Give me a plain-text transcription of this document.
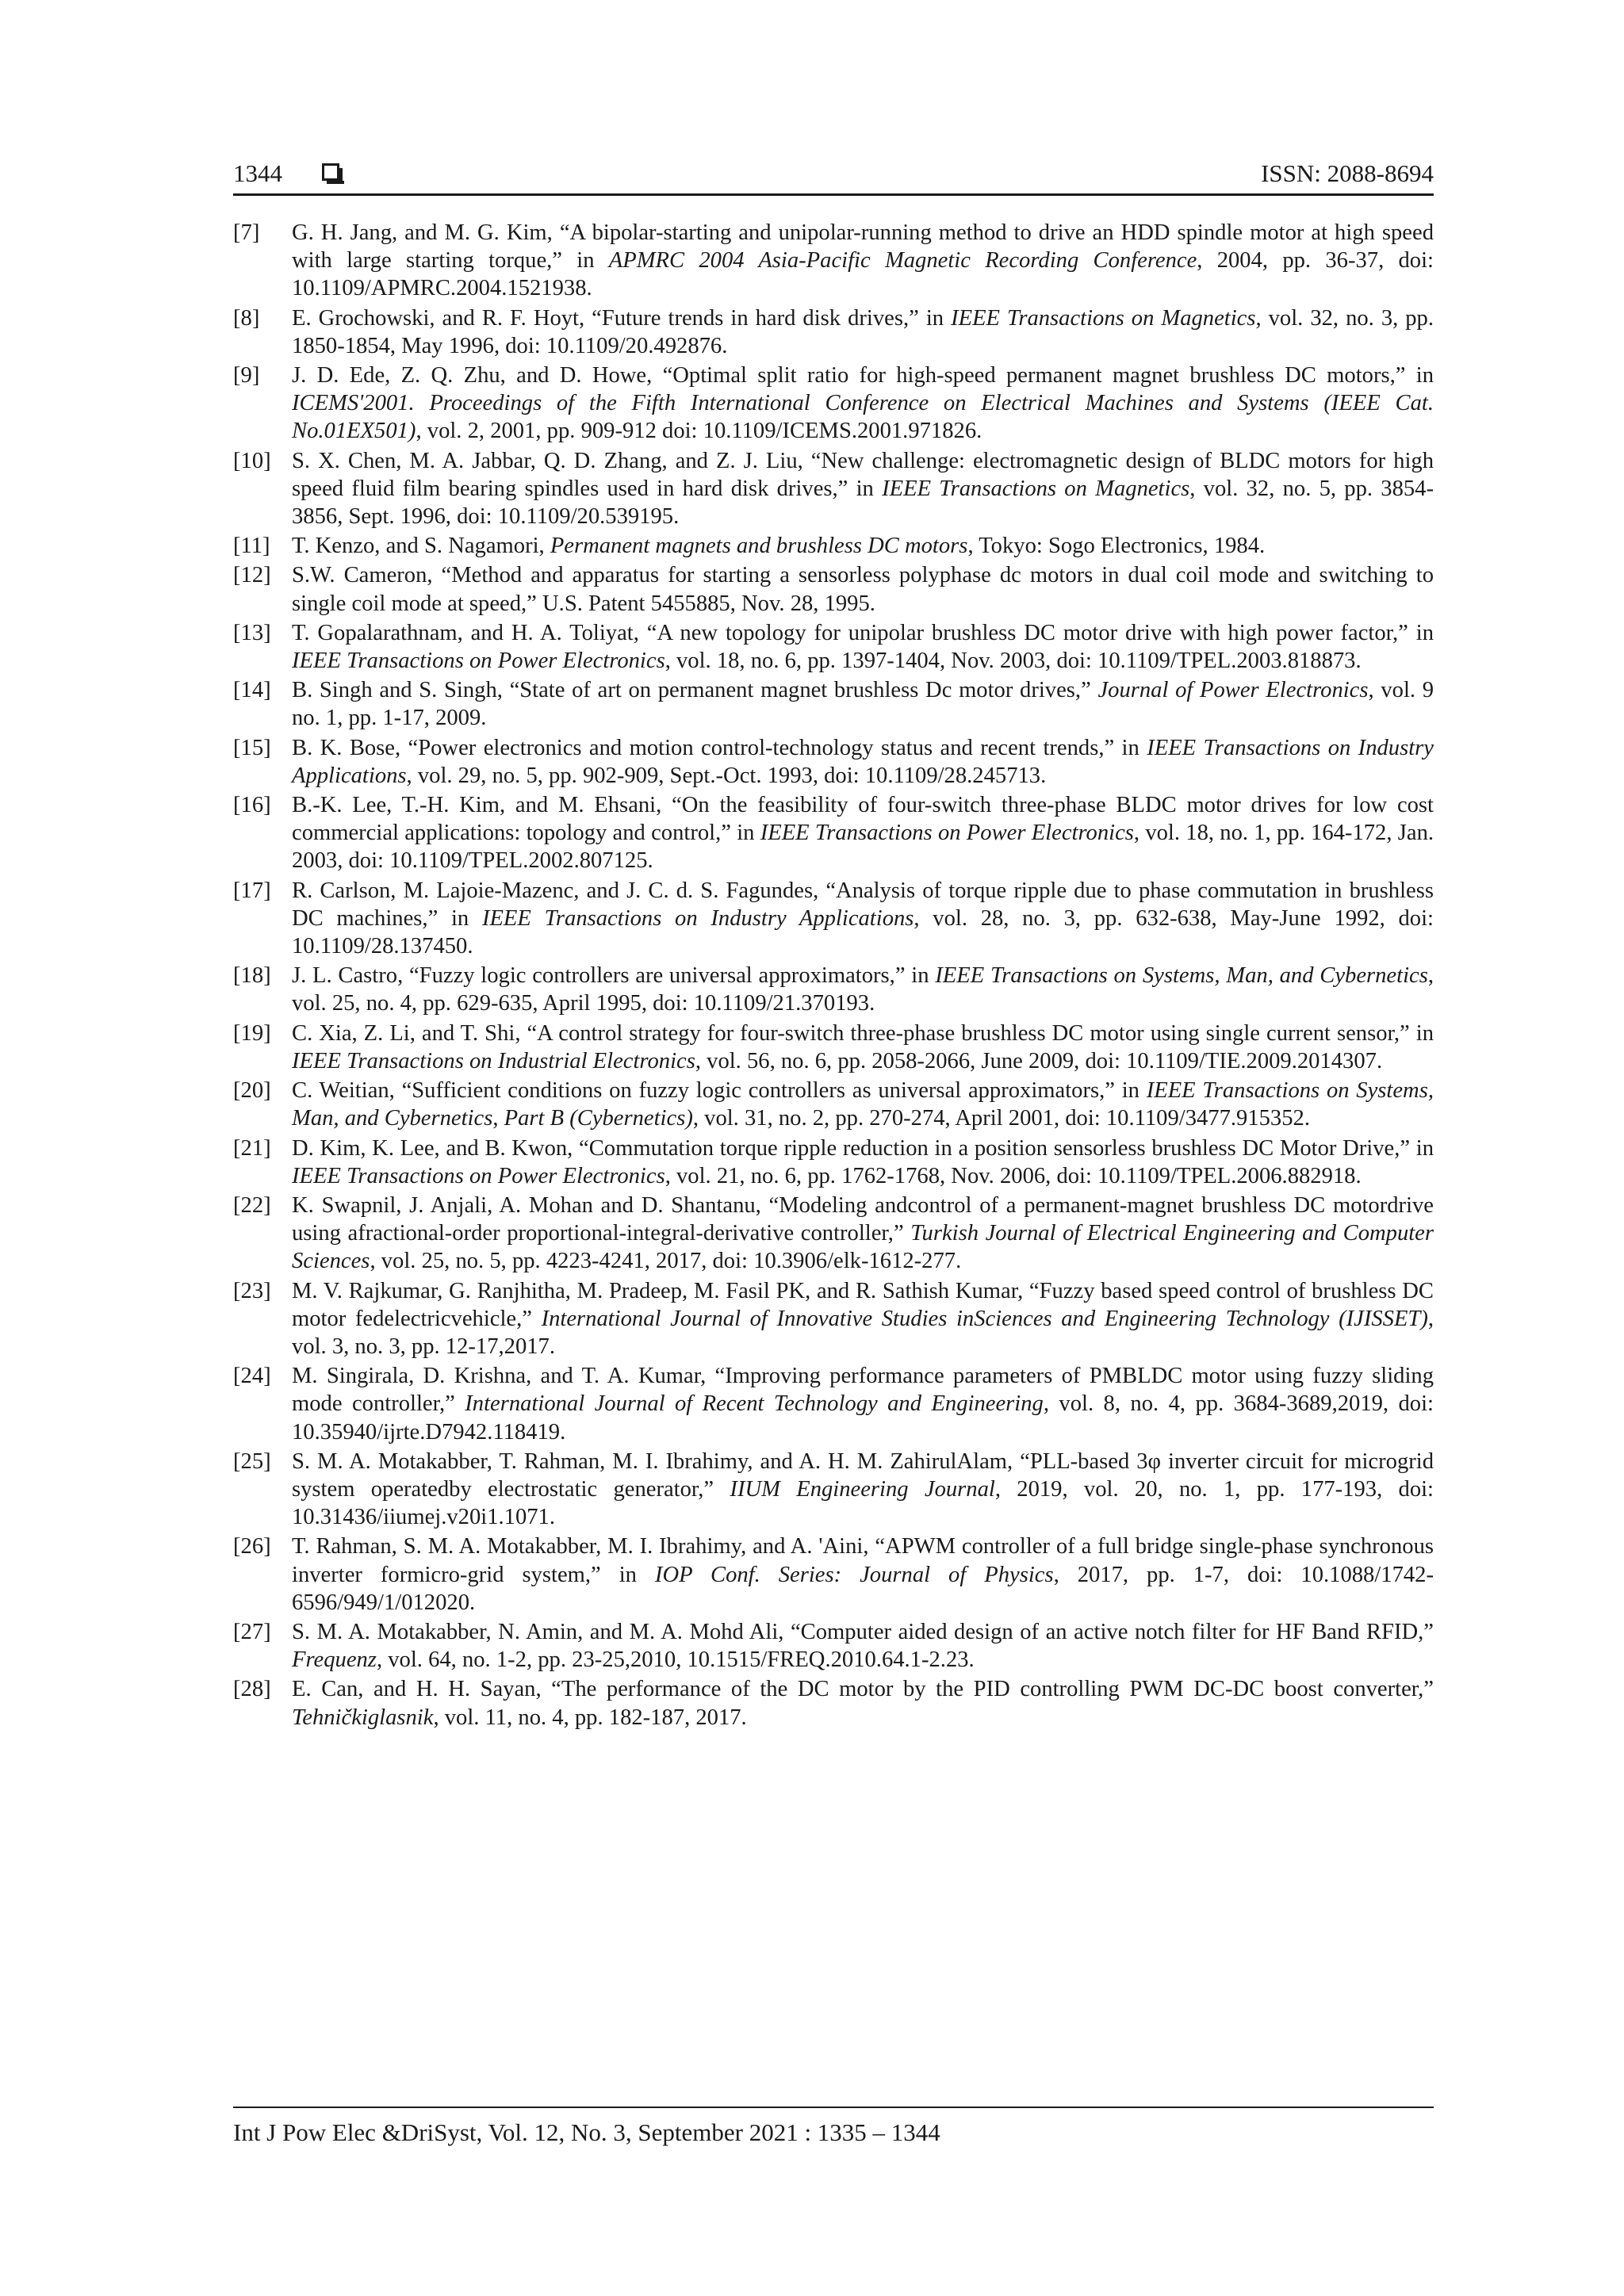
1344	ISSN: 2088-8694
[7] G. H. Jang, and M. G. Kim, “A bipolar-starting and unipolar-running method to drive an HDD spindle motor at high speed with large starting torque,” in APMRC 2004 Asia-Pacific Magnetic Recording Conference, 2004, pp. 36-37, doi: 10.1109/APMRC.2004.1521938.
[8] E. Grochowski, and R. F. Hoyt, “Future trends in hard disk drives,” in IEEE Transactions on Magnetics, vol. 32, no. 3, pp. 1850-1854, May 1996, doi: 10.1109/20.492876.
[9] J. D. Ede, Z. Q. Zhu, and D. Howe, “Optimal split ratio for high-speed permanent magnet brushless DC motors,” in ICEMS'2001. Proceedings of the Fifth International Conference on Electrical Machines and Systems (IEEE Cat. No.01EX501), vol. 2, 2001, pp. 909-912 doi: 10.1109/ICEMS.2001.971826.
[10] S. X. Chen, M. A. Jabbar, Q. D. Zhang, and Z. J. Liu, “New challenge: electromagnetic design of BLDC motors for high speed fluid film bearing spindles used in hard disk drives,” in IEEE Transactions on Magnetics, vol. 32, no. 5, pp. 3854-3856, Sept. 1996, doi: 10.1109/20.539195.
[11] T. Kenzo, and S. Nagamori, Permanent magnets and brushless DC motors, Tokyo: Sogo Electronics, 1984.
[12] S.W. Cameron, “Method and apparatus for starting a sensorless polyphase dc motors in dual coil mode and switching to single coil mode at speed,” U.S. Patent 5455885, Nov. 28, 1995.
[13] T. Gopalarathnam, and H. A. Toliyat, “A new topology for unipolar brushless DC motor drive with high power factor,” in IEEE Transactions on Power Electronics, vol. 18, no. 6, pp. 1397-1404, Nov. 2003, doi: 10.1109/TPEL.2003.818873.
[14] B. Singh and S. Singh, “State of art on permanent magnet brushless Dc motor drives,” Journal of Power Electronics, vol. 9 no. 1, pp. 1-17, 2009.
[15] B. K. Bose, “Power electronics and motion control-technology status and recent trends,” in IEEE Transactions on Industry Applications, vol. 29, no. 5, pp. 902-909, Sept.-Oct. 1993, doi: 10.1109/28.245713.
[16] B.-K. Lee, T.-H. Kim, and M. Ehsani, “On the feasibility of four-switch three-phase BLDC motor drives for low cost commercial applications: topology and control,” in IEEE Transactions on Power Electronics, vol. 18, no. 1, pp. 164-172, Jan. 2003, doi: 10.1109/TPEL.2002.807125.
[17] R. Carlson, M. Lajoie-Mazenc, and J. C. d. S. Fagundes, “Analysis of torque ripple due to phase commutation in brushless DC machines,” in IEEE Transactions on Industry Applications, vol. 28, no. 3, pp. 632-638, May-June 1992, doi: 10.1109/28.137450.
[18] J. L. Castro, “Fuzzy logic controllers are universal approximators,” in IEEE Transactions on Systems, Man, and Cybernetics, vol. 25, no. 4, pp. 629-635, April 1995, doi: 10.1109/21.370193.
[19] C. Xia, Z. Li, and T. Shi, “A control strategy for four-switch three-phase brushless DC motor using single current sensor,” in IEEE Transactions on Industrial Electronics, vol. 56, no. 6, pp. 2058-2066, June 2009, doi: 10.1109/TIE.2009.2014307.
[20] C. Weitian, “Sufficient conditions on fuzzy logic controllers as universal approximators,” in IEEE Transactions on Systems, Man, and Cybernetics, Part B (Cybernetics), vol. 31, no. 2, pp. 270-274, April 2001, doi: 10.1109/3477.915352.
[21] D. Kim, K. Lee, and B. Kwon, “Commutation torque ripple reduction in a position sensorless brushless DC Motor Drive,” in IEEE Transactions on Power Electronics, vol. 21, no. 6, pp. 1762-1768, Nov. 2006, doi: 10.1109/TPEL.2006.882918.
[22] K. Swapnil, J. Anjali, A. Mohan and D. Shantanu, “Modeling andcontrol of a permanent-magnet brushless DC motordrive using afractional-order proportional-integral-derivative controller,” Turkish Journal of Electrical Engineering and Computer Sciences, vol. 25, no. 5, pp. 4223-4241, 2017, doi: 10.3906/elk-1612-277.
[23] M. V. Rajkumar, G. Ranjhitha, M. Pradeep, M. Fasil PK, and R. Sathish Kumar, “Fuzzy based speed control of brushless DC motor fedelectricvehicle,” International Journal of Innovative Studies inSciences and Engineering Technology (IJISSET), vol. 3, no. 3, pp. 12-17,2017.
[24] M. Singirala, D. Krishna, and T. A. Kumar, “Improving performance parameters of PMBLDC motor using fuzzy sliding mode controller,” International Journal of Recent Technology and Engineering, vol. 8, no. 4, pp. 3684-3689,2019, doi: 10.35940/ijrte.D7942.118419.
[25] S. M. A. Motakabber, T. Rahman, M. I. Ibrahimy, and A. H. M. ZahirulAlam, “PLL-based 3φ inverter circuit for microgrid system operatedby electrostatic generator,” IIUM Engineering Journal, 2019, vol. 20, no. 1, pp. 177-193, doi: 10.31436/iiumej.v20i1.1071.
[26] T. Rahman, S. M. A. Motakabber, M. I. Ibrahimy, and A. 'Aini, “APWM controller of a full bridge single-phase synchronous inverter formicro-grid system,” in IOP Conf. Series: Journal of Physics, 2017, pp. 1-7, doi: 10.1088/1742-6596/949/1/012020.
[27] S. M. A. Motakabber, N. Amin, and M. A. Mohd Ali, “Computer aided design of an active notch filter for HF Band RFID,” Frequenz, vol. 64, no. 1-2, pp. 23-25,2010, 10.1515/FREQ.2010.64.1-2.23.
[28] E. Can, and H. H. Sayan, “The performance of the DC motor by the PID controlling PWM DC-DC boost converter,” Tehničkiglasnik, vol. 11, no. 4, pp. 182-187, 2017.
Int J Pow Elec &DriSyst, Vol. 12, No. 3, September 2021 : 1335 – 1344
